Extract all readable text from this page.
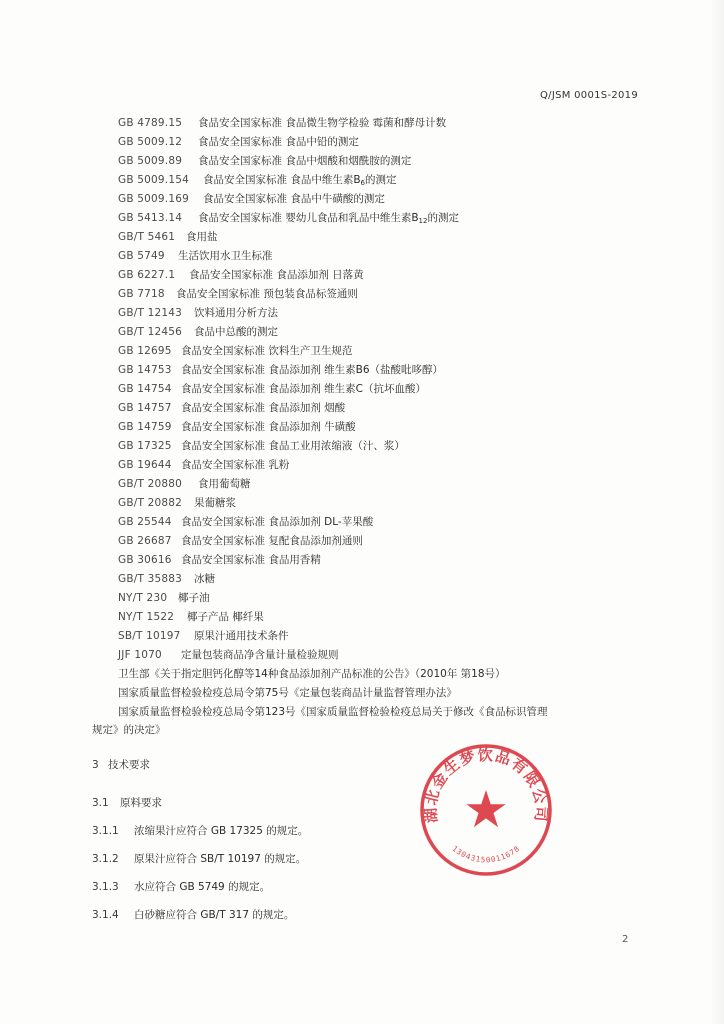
Q/JSM 0001S-2019
GB 4789.15 食品安全国家标准 食品微生物学检验 霉菌和酵母计数
GB 5009.12 食品安全国家标准 食品中铅的测定
GB 5009.89 食品安全国家标准 食品中烟酸和烟酰胺的测定
GB 5009.154 食品安全国家标准 食品中维生素$B_6$的测定
GB 5009.169 食品安全国家标准 食品中牛磺酸的测定
GB 5413.14 食品安全国家标准 婴幼儿食品和乳品中维生素$B_{12}$的测定
GB/T 5461 食用盐
GB 5749 生活饮用水卫生标准
GB 6227.1 食品安全国家标准 食品添加剂 日落黄
GB 7718 食品安全国家标准 预包装食品标签通则
GB/T 12143 饮料通用分析方法
GB/T 12456 食品中总酸的测定
GB 12695 食品安全国家标准 饮料生产卫生规范
GB 14753 食品安全国家标准 食品添加剂 维生素B6（盐酸吡哆醇）
GB 14754 食品安全国家标准 食品添加剂 维生素C（抗坏血酸）
GB 14757 食品安全国家标准 食品添加剂 烟酸
GB 14759 食品安全国家标准 食品添加剂 牛磺酸
GB 17325 食品安全国家标准 食品工业用浓缩液（汁、浆）
GB 19644 食品安全国家标准 乳粉
GB/T 20880 食用葡萄糖
GB/T 20882 果葡糖浆
GB 25544 食品安全国家标准 食品添加剂 DL-苹果酸
GB 26687 食品安全国家标准 复配食品添加剂通则
GB 30616 食品安全国家标准 食品用香精
GB/T 35883 冰糖
NY/T 230 椰子油
NY/T 1522 椰子产品 椰纤果
SB/T 10197 原果汁通用技术条件
JJF 1070 定量包装商品净含量计量检验规则
卫生部《关于指定胆钙化醇等14种食品添加剂产品标准的公告》（2010年 第18号）
国家质量监督检验检疫总局令第75号《定量包装商品计量监督管理办法》
国家质量监督检验检疫总局令第123号《国家质量监督检验检疫总局关于修改《食品标识管理
规定》的决定》
3 技术要求
3.1 原料要求
3.1.1 浓缩果汁应符合 GB 17325 的规定。
3.1.2 原果汁应符合 SB/T 10197 的规定。
3.1.3 水应符合 GB 5749 的规定。
3.1.4 白砂糖应符合 GB/T 317 的规定。
湖北金生梦饮品有限公司
13043150011678
2
